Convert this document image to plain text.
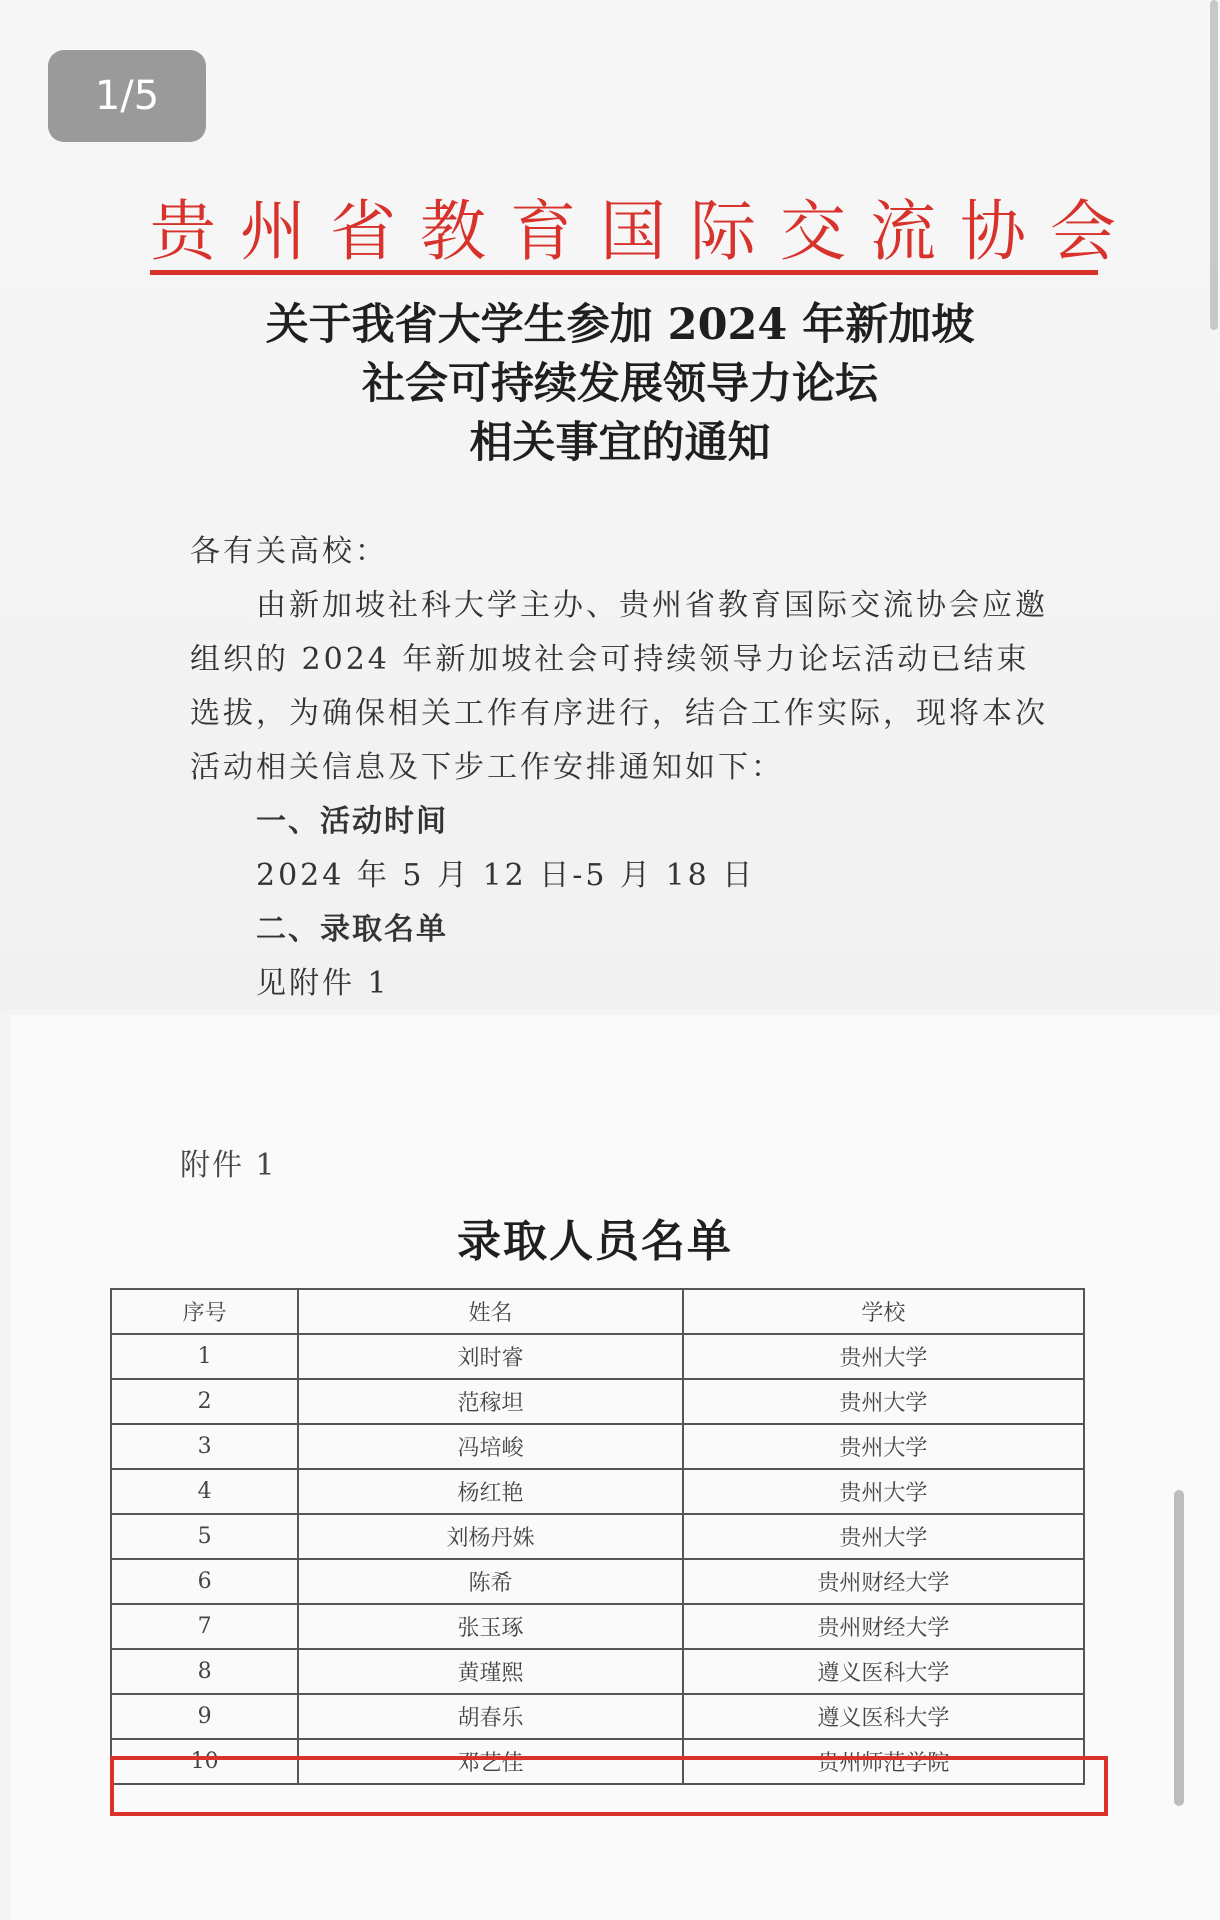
1/5
贵州省教育国际交流协会
关于我省大学生参加 2024 年新加坡
社会可持续发展领导力论坛
相关事宜的通知

各有关高校：

由新加坡社科大学主办、贵州省教育国际交流协会应邀组织的 2024 年新加坡社会可持续领导力论坛活动已结束选拔，为确保相关工作有序进行，结合工作实际，现将本次活动相关信息及下步工作安排通知如下：

一、活动时间

2024 年 5 月 12 日-5 月 18 日

二、录取名单

见附件 1

附件 1
录取人员名单
序号	姓名	学校
1	刘时睿	贵州大学
2	范稼坦	贵州大学
3	冯培峻	贵州大学
4	杨红艳	贵州大学
5	刘杨丹姝	贵州大学
6	陈希	贵州财经大学
7	张玉琢	贵州财经大学
8	黄瑾熙	遵义医科大学
9	胡春乐	遵义医科大学
10	邓艺佳	贵州师范学院
